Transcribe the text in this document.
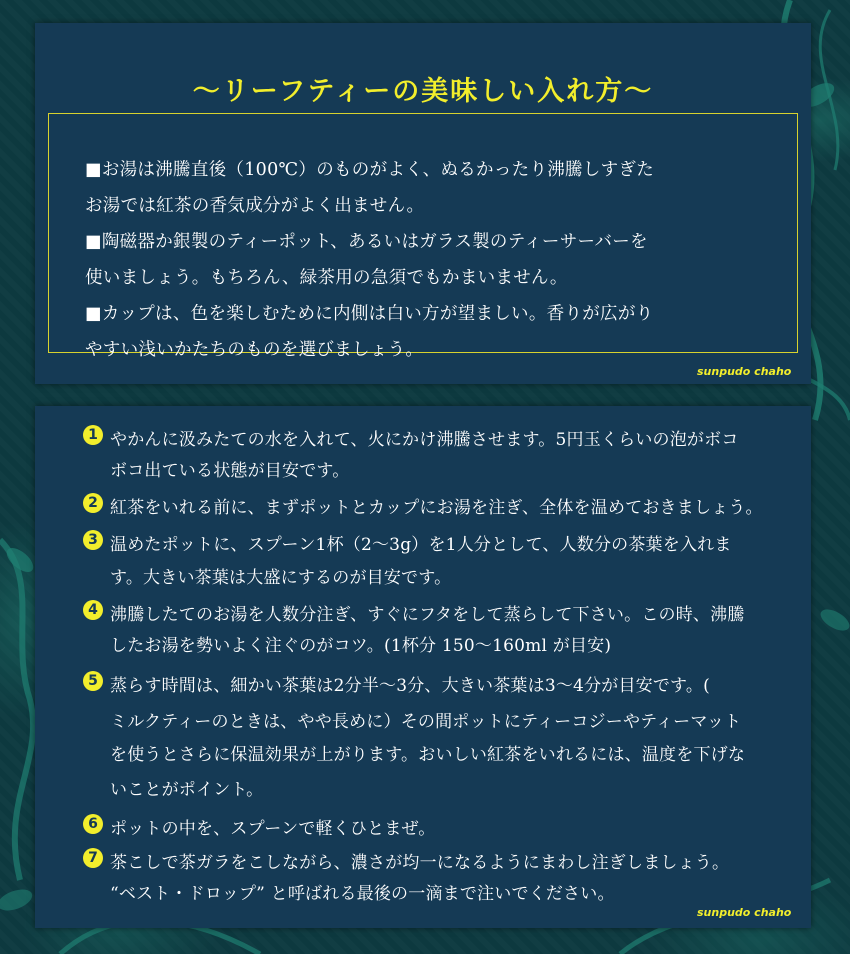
～リーフティーの美味しい入れ方～
■お湯は沸騰直後（100℃）のものがよく、ぬるかったり沸騰しすぎた
お湯では紅茶の香気成分がよく出ません。
■陶磁器か銀製のティーポット、あるいはガラス製のティーサーバーを
使いましょう。もちろん、緑茶用の急須でもかまいません。
■カップは、色を楽しむために内側は白い方が望ましい。香りが広がり
やすい浅いかたちのものを選びましょう。
sunpudo chaho
1 やかんに汲みたての水を入れて、火にかけ沸騰させます。5円玉くらいの泡がボコ
ボコ出ている状態が目安です。
2 紅茶をいれる前に、まずポットとカップにお湯を注ぎ、全体を温めておきましょう。
3 温めたポットに、スプーン1杯（2～3g）を1人分として、人数分の茶葉を入れま
す。大きい茶葉は大盛にするのが目安です。
4 沸騰したてのお湯を人数分注ぎ、すぐにフタをして蒸らして下さい。この時、沸騰
したお湯を勢いよく注ぐのがコツ。(1杯分 150～160ml が目安)
5 蒸らす時間は、細かい茶葉は2分半～3分、大きい茶葉は3～4分が目安です。(
ミルクティーのときは、やや長めに）その間ポットにティーコジーやティーマット
を使うとさらに保温効果が上がります。おいしい紅茶をいれるには、温度を下げな
いことがポイント。
6 ポットの中を、スプーンで軽くひとまぜ。
7 茶こしで茶ガラをこしながら、濃さが均一になるようにまわし注ぎしましょう。
“ベスト・ドロップ” と呼ばれる最後の一滴まで注いでください。
sunpudo chaho
